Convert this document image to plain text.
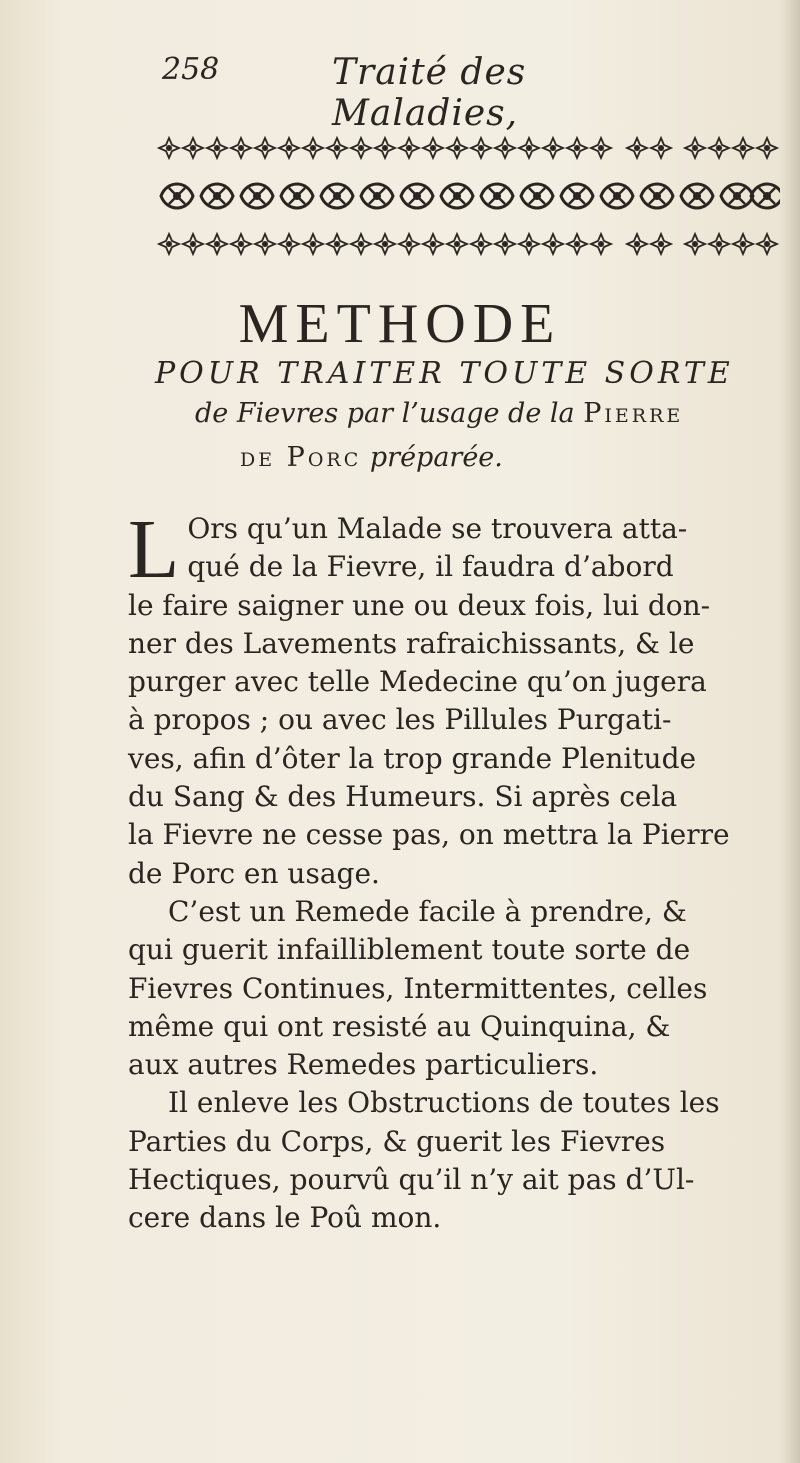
258	Traité des Maladies,
METHODE
POUR TRAITER TOUTE SORTE
de Fievres par l’usage de la Pierre
de Porc préparée.
L Ors qu’un Malade se trouvera atta-
qué de la Fievre, il faudra d’abord
le faire saigner une ou deux fois, lui don-
ner des Lavements rafraichissants, & le
purger avec telle Medecine qu’on jugera
à propos ; ou avec les Pillules Purgati-
ves, afin d’ôter la trop grande Plenitude
du Sang & des Humeurs. Si après cela
la Fievre ne cesse pas, on mettra la Pierre
de Porc en usage.
C’est un Remede facile à prendre, &
qui guerit infailliblement toute sorte de
Fievres Continues, Intermittentes, celles
même qui ont resisté au Quinquina, &
aux autres Remedes particuliers.
Il enleve les Obstructions de toutes les
Parties du Corps, & guerit les Fievres
Hectiques, pourvû qu’il n’y ait pas d’Ul-
cere dans le Poû mon.
